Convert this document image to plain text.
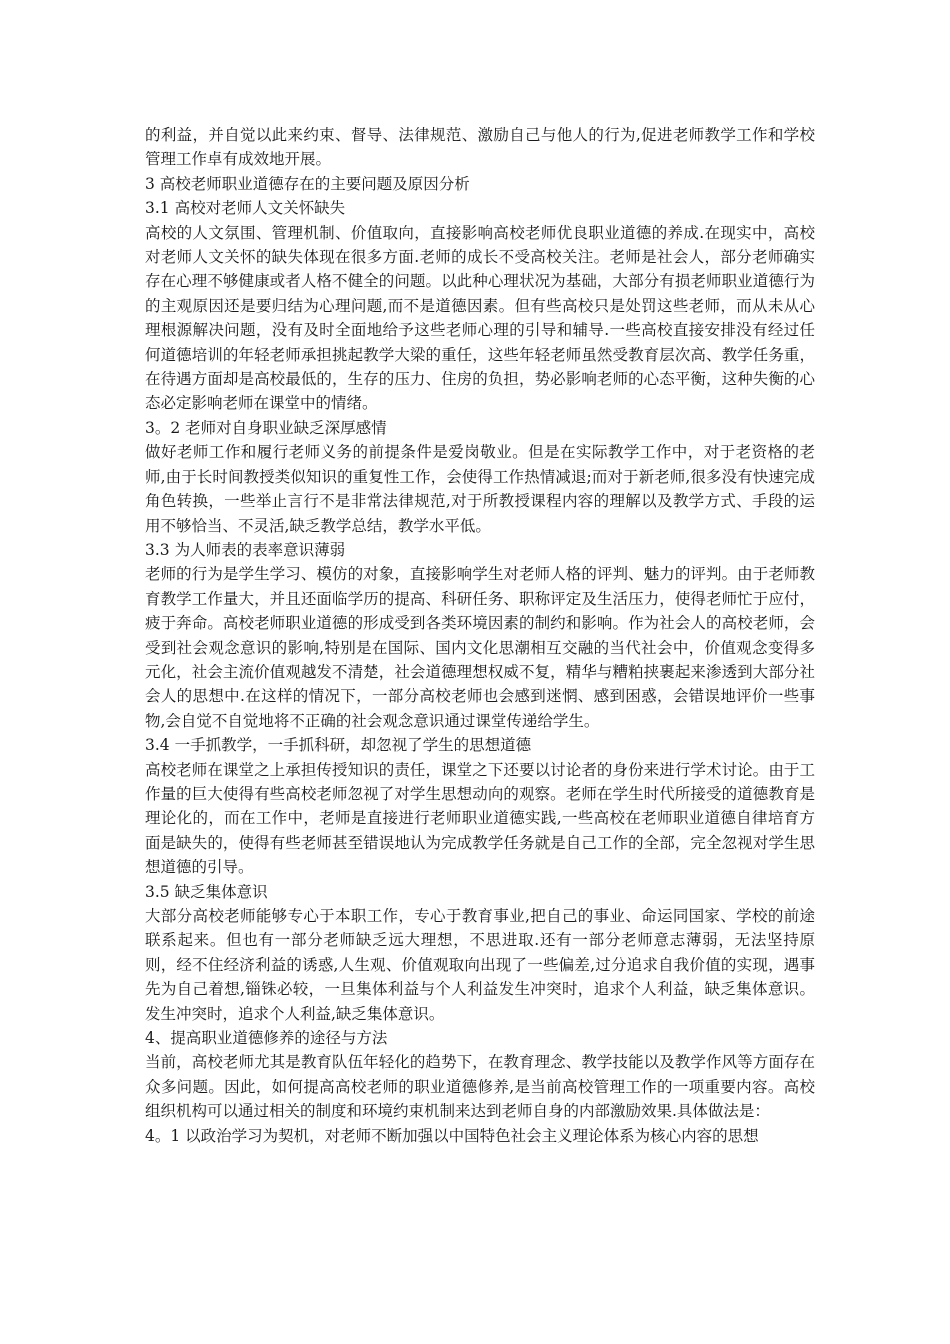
的利益，并自觉以此来约束、督导、法律规范、激励自己与他人的行为,促进老师教学工作和学校管理工作卓有成效地开展。

3 高校老师职业道德存在的主要问题及原因分析

3.1 高校对老师人文关怀缺失

高校的人文氛围、管理机制、价值取向，直接影响高校老师优良职业道德的养成.在现实中，高校对老师人文关怀的缺失体现在很多方面.老师的成长不受高校关注。老师是社会人，部分老师确实存在心理不够健康或者人格不健全的问题。以此种心理状况为基础，大部分有损老师职业道德行为的主观原因还是要归结为心理问题,而不是道德因素。但有些高校只是处罚这些老师，而从未从心理根源解决问题，没有及时全面地给予这些老师心理的引导和辅导.一些高校直接安排没有经过任何道德培训的年轻老师承担挑起教学大梁的重任，这些年轻老师虽然受教育层次高、教学任务重，在待遇方面却是高校最低的，生存的压力、住房的负担，势必影响老师的心态平衡，这种失衡的心态必定影响老师在课堂中的情绪。

3。2 老师对自身职业缺乏深厚感情

做好老师工作和履行老师义务的前提条件是爱岗敬业。但是在实际教学工作中，对于老资格的老师,由于长时间教授类似知识的重复性工作，会使得工作热情减退;而对于新老师,很多没有快速完成角色转换，一些举止言行不是非常法律规范,对于所教授课程内容的理解以及教学方式、手段的运用不够恰当、不灵活,缺乏教学总结，教学水平低。

3.3 为人师表的表率意识薄弱

老师的行为是学生学习、模仿的对象，直接影响学生对老师人格的评判、魅力的评判。由于老师教育教学工作量大，并且还面临学历的提高、科研任务、职称评定及生活压力，使得老师忙于应付，疲于奔命。高校老师职业道德的形成受到各类环境因素的制约和影响。作为社会人的高校老师，会受到社会观念意识的影响,特别是在国际、国内文化思潮相互交融的当代社会中，价值观念变得多元化，社会主流价值观越发不清楚，社会道德理想权威不复，精华与糟粕挟裹起来渗透到大部分社会人的思想中.在这样的情况下，一部分高校老师也会感到迷惘、感到困惑，会错误地评价一些事物,会自觉不自觉地将不正确的社会观念意识通过课堂传递给学生。

3.4 一手抓教学，一手抓科研，却忽视了学生的思想道德

高校老师在课堂之上承担传授知识的责任，课堂之下还要以讨论者的身份来进行学术讨论。由于工作量的巨大使得有些高校老师忽视了对学生思想动向的观察。老师在学生时代所接受的道德教育是理论化的，而在工作中，老师是直接进行老师职业道德实践,一些高校在老师职业道德自律培育方面是缺失的，使得有些老师甚至错误地认为完成教学任务就是自己工作的全部，完全忽视对学生思想道德的引导。

3.5 缺乏集体意识

大部分高校老师能够专心于本职工作，专心于教育事业,把自己的事业、命运同国家、学校的前途联系起来。但也有一部分老师缺乏远大理想，不思进取.还有一部分老师意志薄弱，无法坚持原则，经不住经济利益的诱惑,人生观、价值观取向出现了一些偏差,过分追求自我价值的实现，遇事先为自己着想,锱铢必较，一旦集体利益与个人利益发生冲突时，追求个人利益，缺乏集体意识。发生冲突时，追求个人利益,缺乏集体意识。

4、提高职业道德修养的途径与方法

当前，高校老师尤其是教育队伍年轻化的趋势下，在教育理念、教学技能以及教学作风等方面存在众多问题。因此，如何提高高校老师的职业道德修养,是当前高校管理工作的一项重要内容。高校组织机构可以通过相关的制度和环境约束机制来达到老师自身的内部激励效果.具体做法是：

4。1 以政治学习为契机，对老师不断加强以中国特色社会主义理论体系为核心内容的思想
